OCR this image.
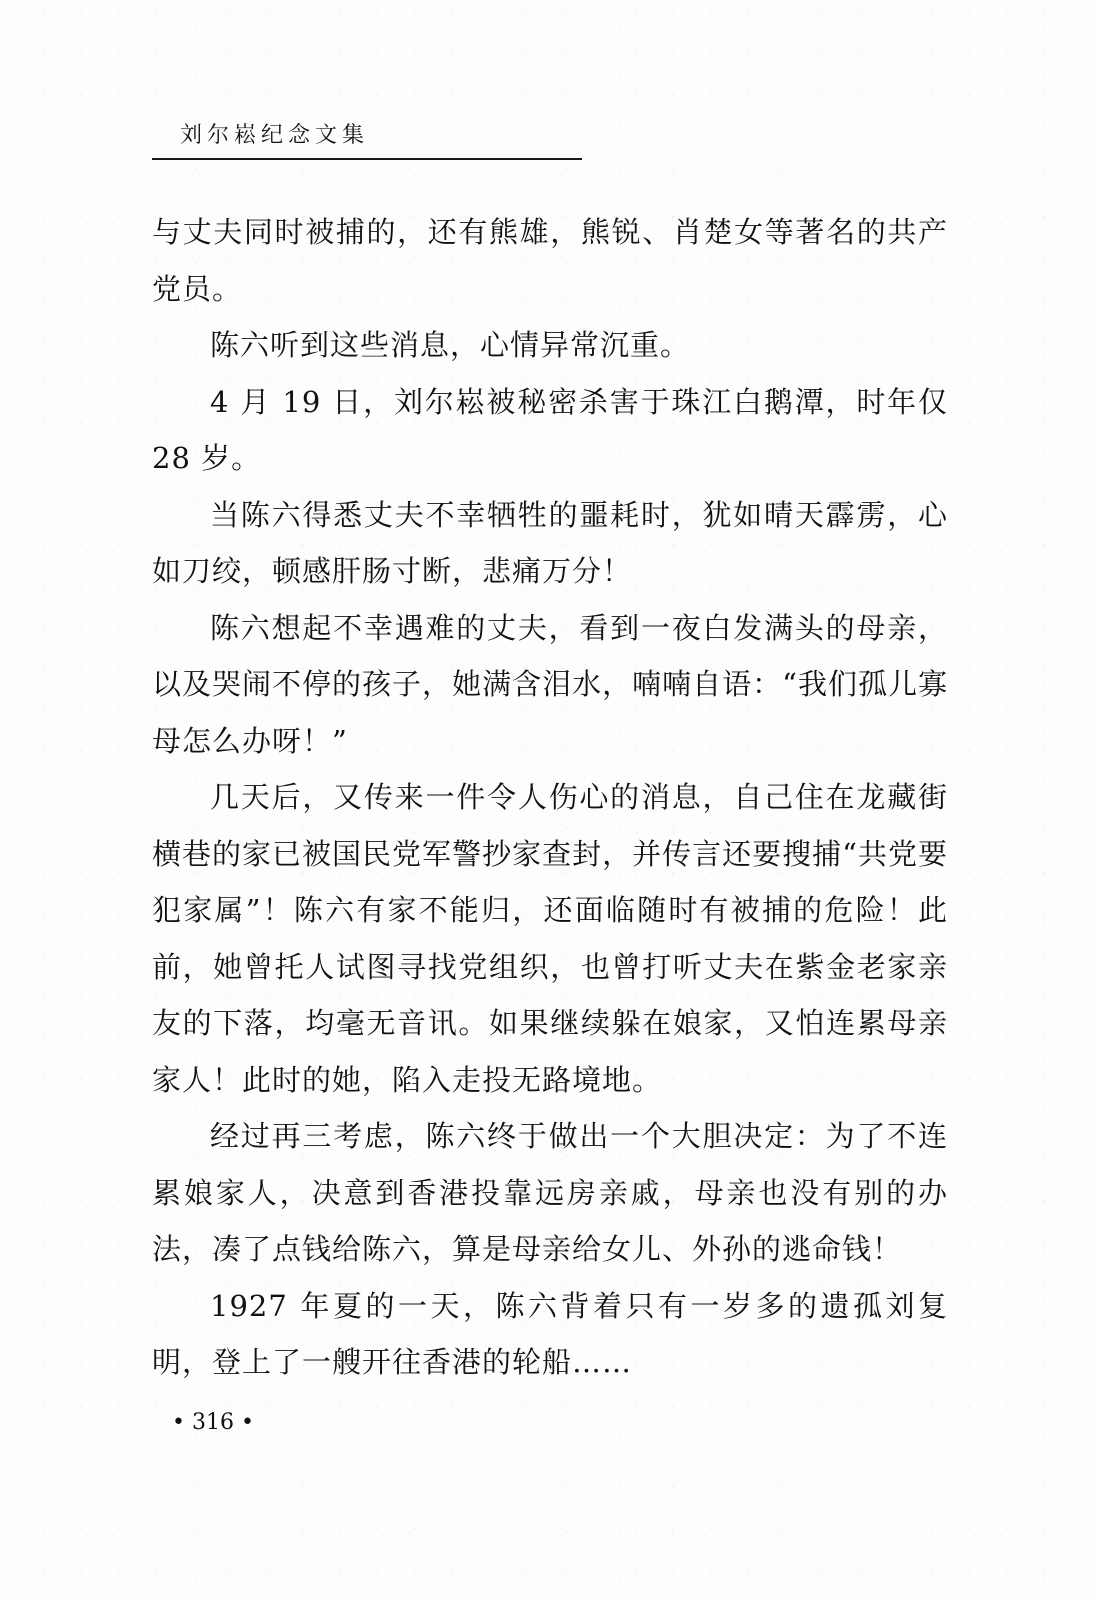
刘尔崧纪念文集

与丈夫同时被捕的，还有熊雄，熊锐、肖楚女等著名的共产党员。

陈六听到这些消息，心情异常沉重。

4 月 19 日，刘尔崧被秘密杀害于珠江白鹅潭，时年仅 28 岁。

当陈六得悉丈夫不幸牺牲的噩耗时，犹如晴天霹雳，心如刀绞，顿感肝肠寸断，悲痛万分！

陈六想起不幸遇难的丈夫，看到一夜白发满头的母亲，以及哭闹不停的孩子，她满含泪水，喃喃自语：“我们孤儿寡母怎么办呀！”

几天后，又传来一件令人伤心的消息，自己住在龙藏街横巷的家已被国民党军警抄家查封，并传言还要搜捕“共党要犯家属”！陈六有家不能归，还面临随时有被捕的危险！此前，她曾托人试图寻找党组织，也曾打听丈夫在紫金老家亲友的下落，均毫无音讯。如果继续躲在娘家，又怕连累母亲家人！此时的她，陷入走投无路境地。

经过再三考虑，陈六终于做出一个大胆决定：为了不连累娘家人，决意到香港投靠远房亲戚，母亲也没有别的办法，凑了点钱给陈六，算是母亲给女儿、外孙的逃命钱！

1927 年夏的一天，陈六背着只有一岁多的遗孤刘复明，登上了一艘开往香港的轮船……

• 316 •
